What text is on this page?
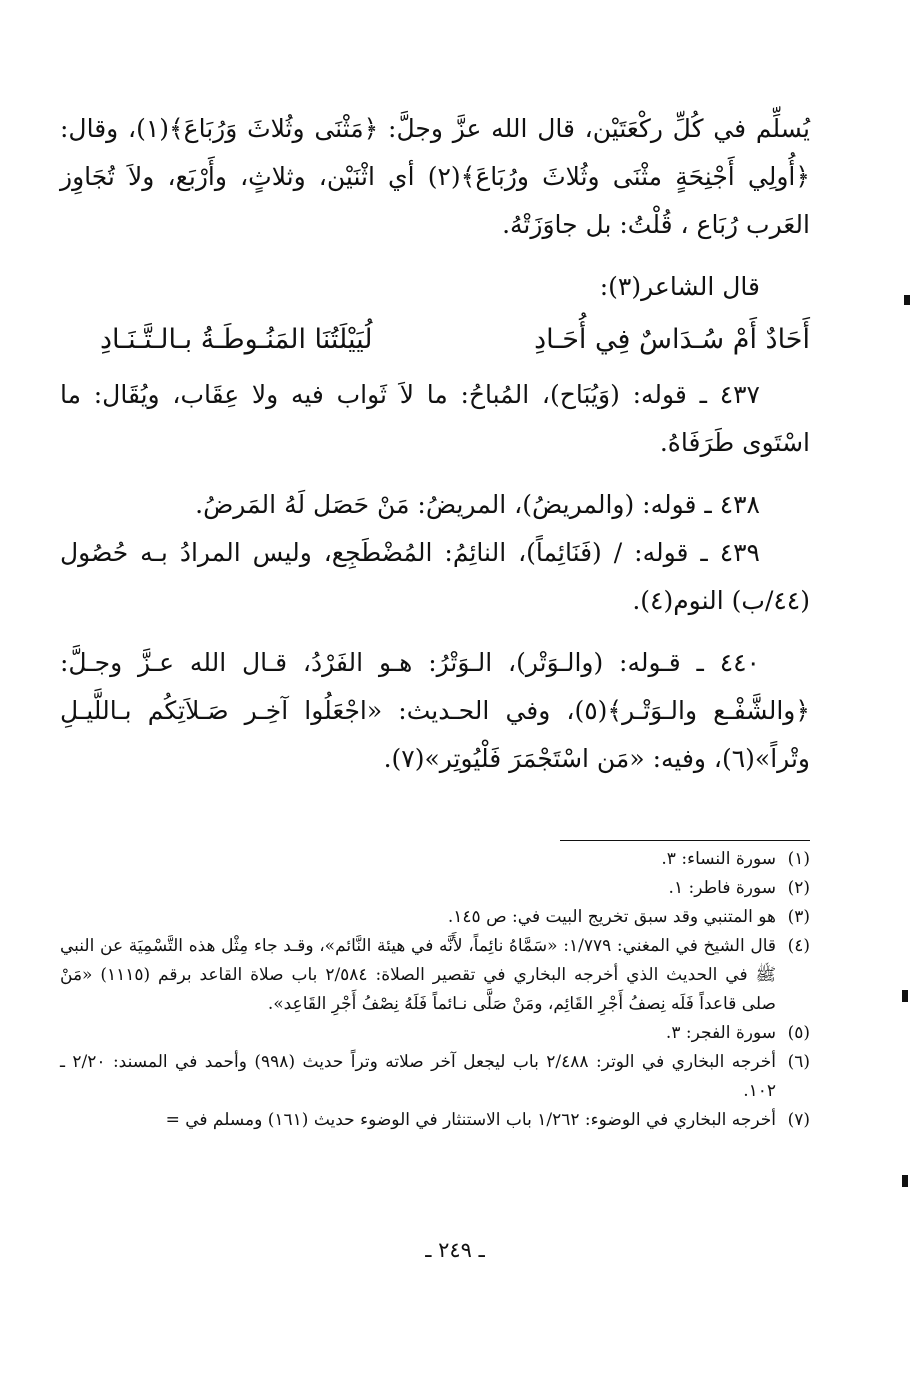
يُسلِّم في كُلِّ ركْعَتَيْن، قال الله عزَّ وجلَّ: ﴿مَثْنَى وثُلاثَ وَرُبَاعَ﴾(١)، وقال: ﴿أُولِي أَجْنِحَةٍ مثْنَى وثُلاثَ ورُبَاعَ﴾(٢) أي اثْنَيْن، وثلاثٍ، وأَرْبَع، ولاَ تُجَاوِز العَرب رُبَاع ، قُلْتُ: بل جاوَزَتْهُ.

قال الشاعر(٣):

أَحَادٌ أَمْ سُـدَاسٌ فِي أُحَـادِ
لُيَيْلَتُنَا المَنُـوطَـةُ بـالـتَّـنَـادِ

٤٣٧ ـ قوله: (وَيُبَاح)، المُباحُ: ما لاَ ثَواب فيه ولا عِقَاب، ويُقَال: ما اسْتَوى طَرَفَاهُ.

٤٣٨ ـ قوله: (والمريضُ)، المريضُ: مَنْ حَصَل لَهُ المَرضُ.

٤٣٩ ـ قوله: / (فَنَائِماً)، النائِمُ: المُضْطَجِع، وليس المرادُ بـه حُصُول (٤٤/ب) النوم(٤).

٤٤٠ ـ قـوله: (والـوَتْر)، الـوَتْرُ: هـو الفَرْدُ، قـال الله عـزَّ وجـلَّ: ﴿والشَّفْـع والـوَتْـر﴾(٥)، وفي الحـديث: «اجْعَلُوا آخِـر صَـلاَتِكُم بـاللَّيـلِ وتْراً»(٦)، وفيه: «مَن اسْتَجْمَرَ فَلْيُوتِر»(٧).

(١)
سورة النساء: ٣.

(٢)
سورة فاطر: ١.

(٣)
هو المتنبي وقد سبق تخريج البيت في: ص ١٤٥.

(٤)
قال الشيخ في المغني: ١/٧٧٩: «سَمَّاهُ نائِماً، لأَنَّه في هيئة النَّائم»، وقـد جاء مِثْل هذه التَّسْمِيَة عن النبي ﷺ في الحديث الذي أخرجه البخاري في تقصير الصلاة: ٢/٥٨٤ باب صلاة القاعد برقم (١١١٥) «مَنْ صلى قاعداً فَلَه نِصفُ أَجْرِ القَائِم، ومَنْ صَلَّى نـائماً فَلَهُ نِصْفُ أَجْرِ القَاعِد».

(٥)
سورة الفجر: ٣.

(٦)
أخرجه البخاري في الوتر: ٢/٤٨٨ باب ليجعل آخر صلاته وتراً حديث (٩٩٨) وأحمد في المسند: ٢/٢٠ ـ ١٠٢.

(٧)
أخرجه البخاري في الوضوء: ١/٢٦٢ باب الاستنثار في الوضوء حديث (١٦١) ومسلم في =

ـ ٢٤٩ ـ
